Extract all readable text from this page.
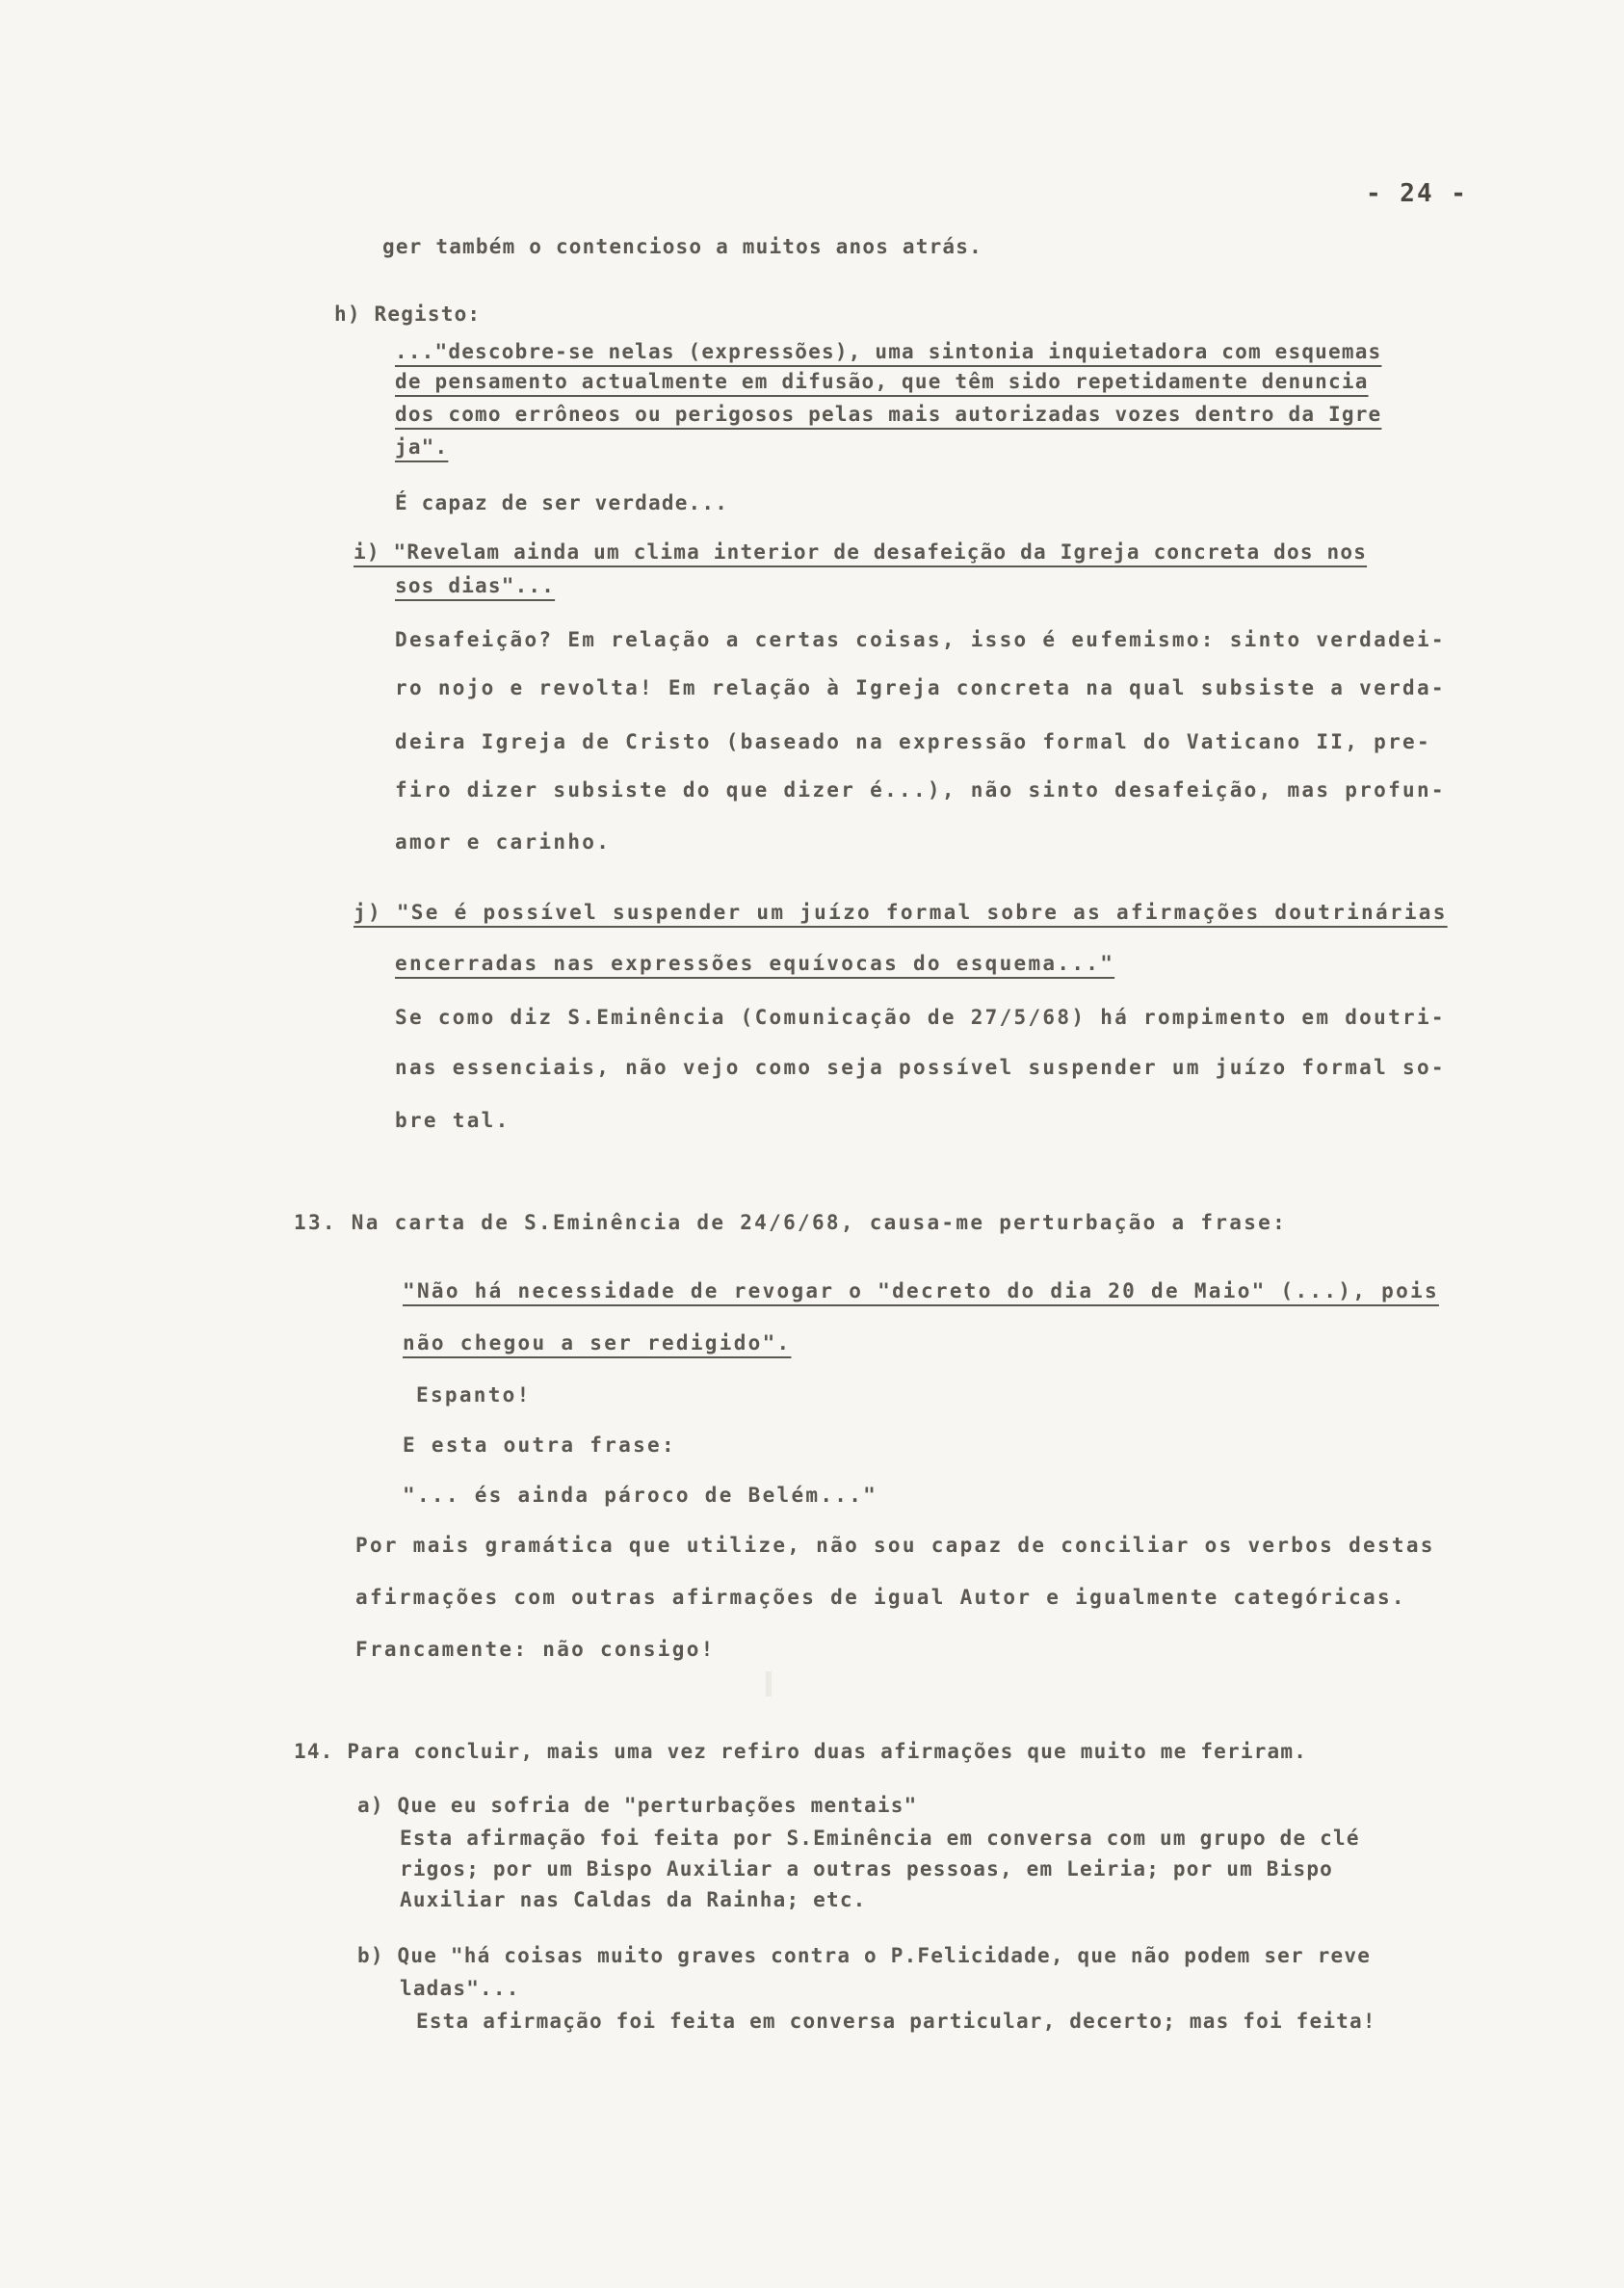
- 24 -
ger também o contencioso a muitos anos atrás.
h) Registo:
..."descobre-se nelas (expressões), uma sintonia inquietadora com esquemas
de pensamento actualmente em difusão, que têm sido repetidamente denuncia
dos como errôneos ou perigosos pelas mais autorizadas vozes dentro da Igre
ja".
É capaz de ser verdade...
i) "Revelam ainda um clima interior de desafeição da Igreja concreta dos nos
sos dias"...
Desafeição? Em relação a certas coisas, isso é eufemismo: sinto verdadei-
ro nojo e revolta! Em relação à Igreja concreta na qual subsiste a verda-
deira Igreja de Cristo (baseado na expressão formal do Vaticano II, pre-
firo dizer subsiste do que dizer é...), não sinto desafeição, mas profun-
amor e carinho.
j) "Se é possível suspender um juízo formal sobre as afirmações doutrinárias
encerradas nas expressões equívocas do esquema..."
Se como diz S.Eminência (Comunicação de 27/5/68) há rompimento em doutri-
nas essenciais, não vejo como seja possível suspender um juízo formal so-
bre tal.
13. Na carta de S.Eminência de 24/6/68, causa-me perturbação a frase:
"Não há necessidade de revogar o "decreto do dia 20 de Maio" (...), pois
não chegou a ser redigido".
Espanto!
E esta outra frase:
"... és ainda pároco de Belém..."
Por mais gramática que utilize, não sou capaz de conciliar os verbos destas
afirmações com outras afirmações de igual Autor e igualmente categóricas.
Francamente: não consigo!
14. Para concluir, mais uma vez refiro duas afirmações que muito me feriram.
a) Que eu sofria de "perturbações mentais"
Esta afirmação foi feita por S.Eminência em conversa com um grupo de clé
rigos; por um Bispo Auxiliar a outras pessoas, em Leiria; por um Bispo
Auxiliar nas Caldas da Rainha; etc.
b) Que "há coisas muito graves contra o P.Felicidade, que não podem ser reve
ladas"...
Esta afirmação foi feita em conversa particular, decerto; mas foi feita!
